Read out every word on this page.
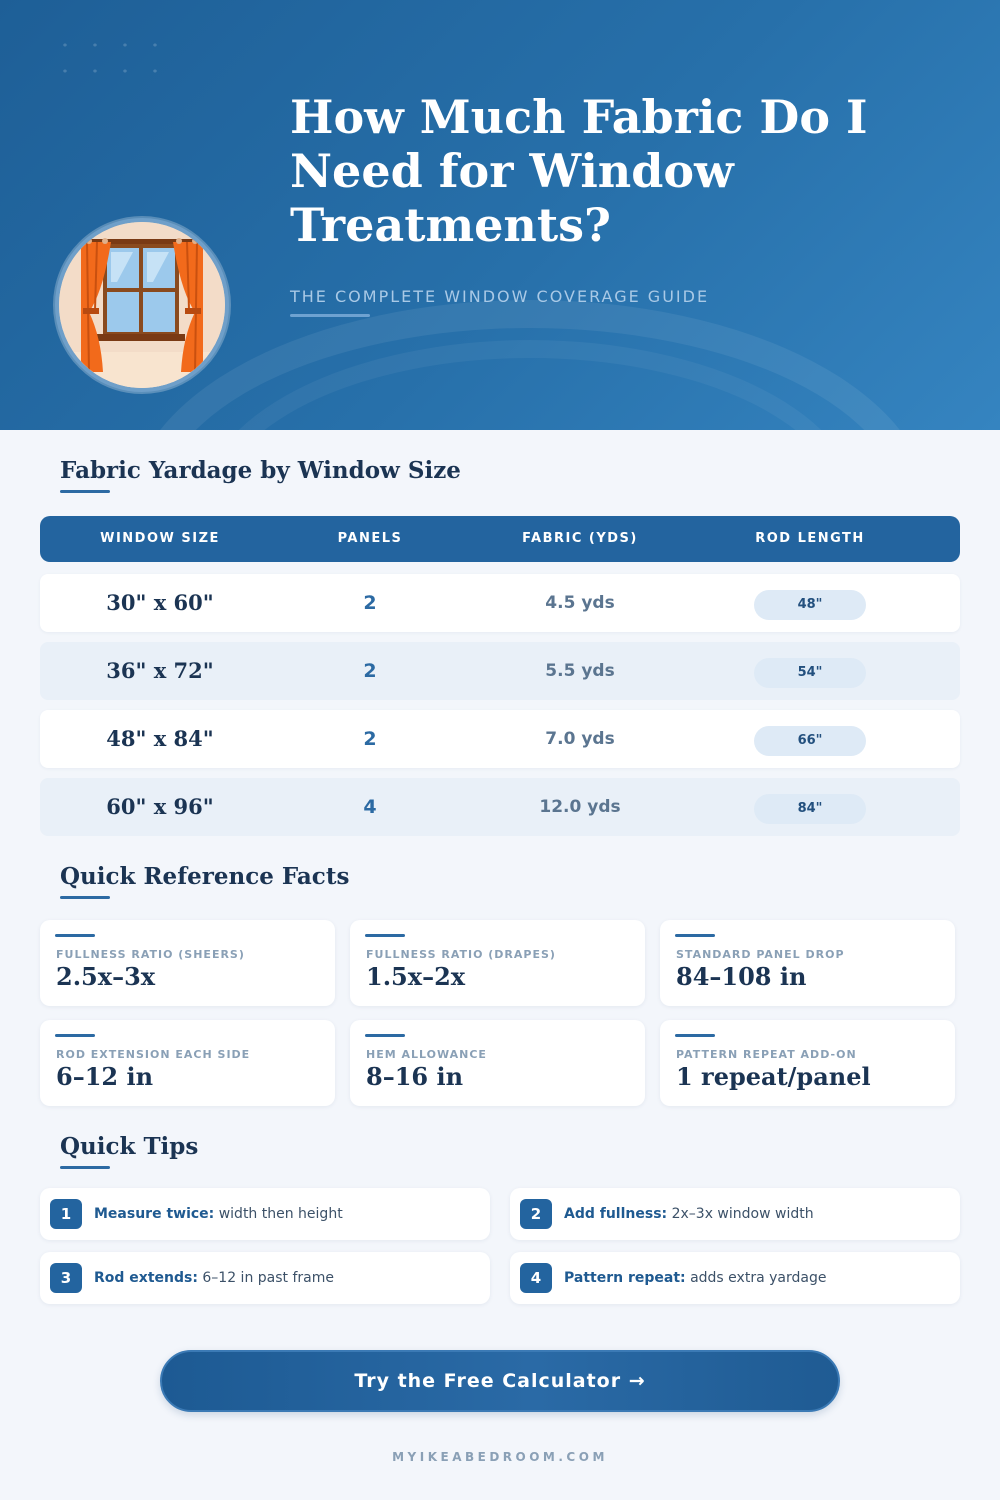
How Much Fabric Do I Need for Window Treatments?
THE COMPLETE WINDOW COVERAGE GUIDE
Fabric Yardage by Window Size
WINDOW SIZE	PANELS	FABRIC (YDS)	ROD LENGTH
30" x 60"	2	4.5 yds	48"
36" x 72"	2	5.5 yds	54"
48" x 84"	2	7.0 yds	66"
60" x 96"	4	12.0 yds	84"
Quick Reference Facts
FULLNESS RATIO (SHEERS)
2.5x–3x
FULLNESS RATIO (DRAPES)
1.5x–2x
STANDARD PANEL DROP
84–108 in
ROD EXTENSION EACH SIDE
6–12 in
HEM ALLOWANCE
8–16 in
PATTERN REPEAT ADD-ON
1 repeat/panel
Quick Tips
1	Measure twice: width then height	2	Add fullness: 2x–3x window width
3	Rod extends: 6–12 in past frame	4	Pattern repeat: adds extra yardage
Try the Free Calculator →
MYIKEABEDROOM.COM
